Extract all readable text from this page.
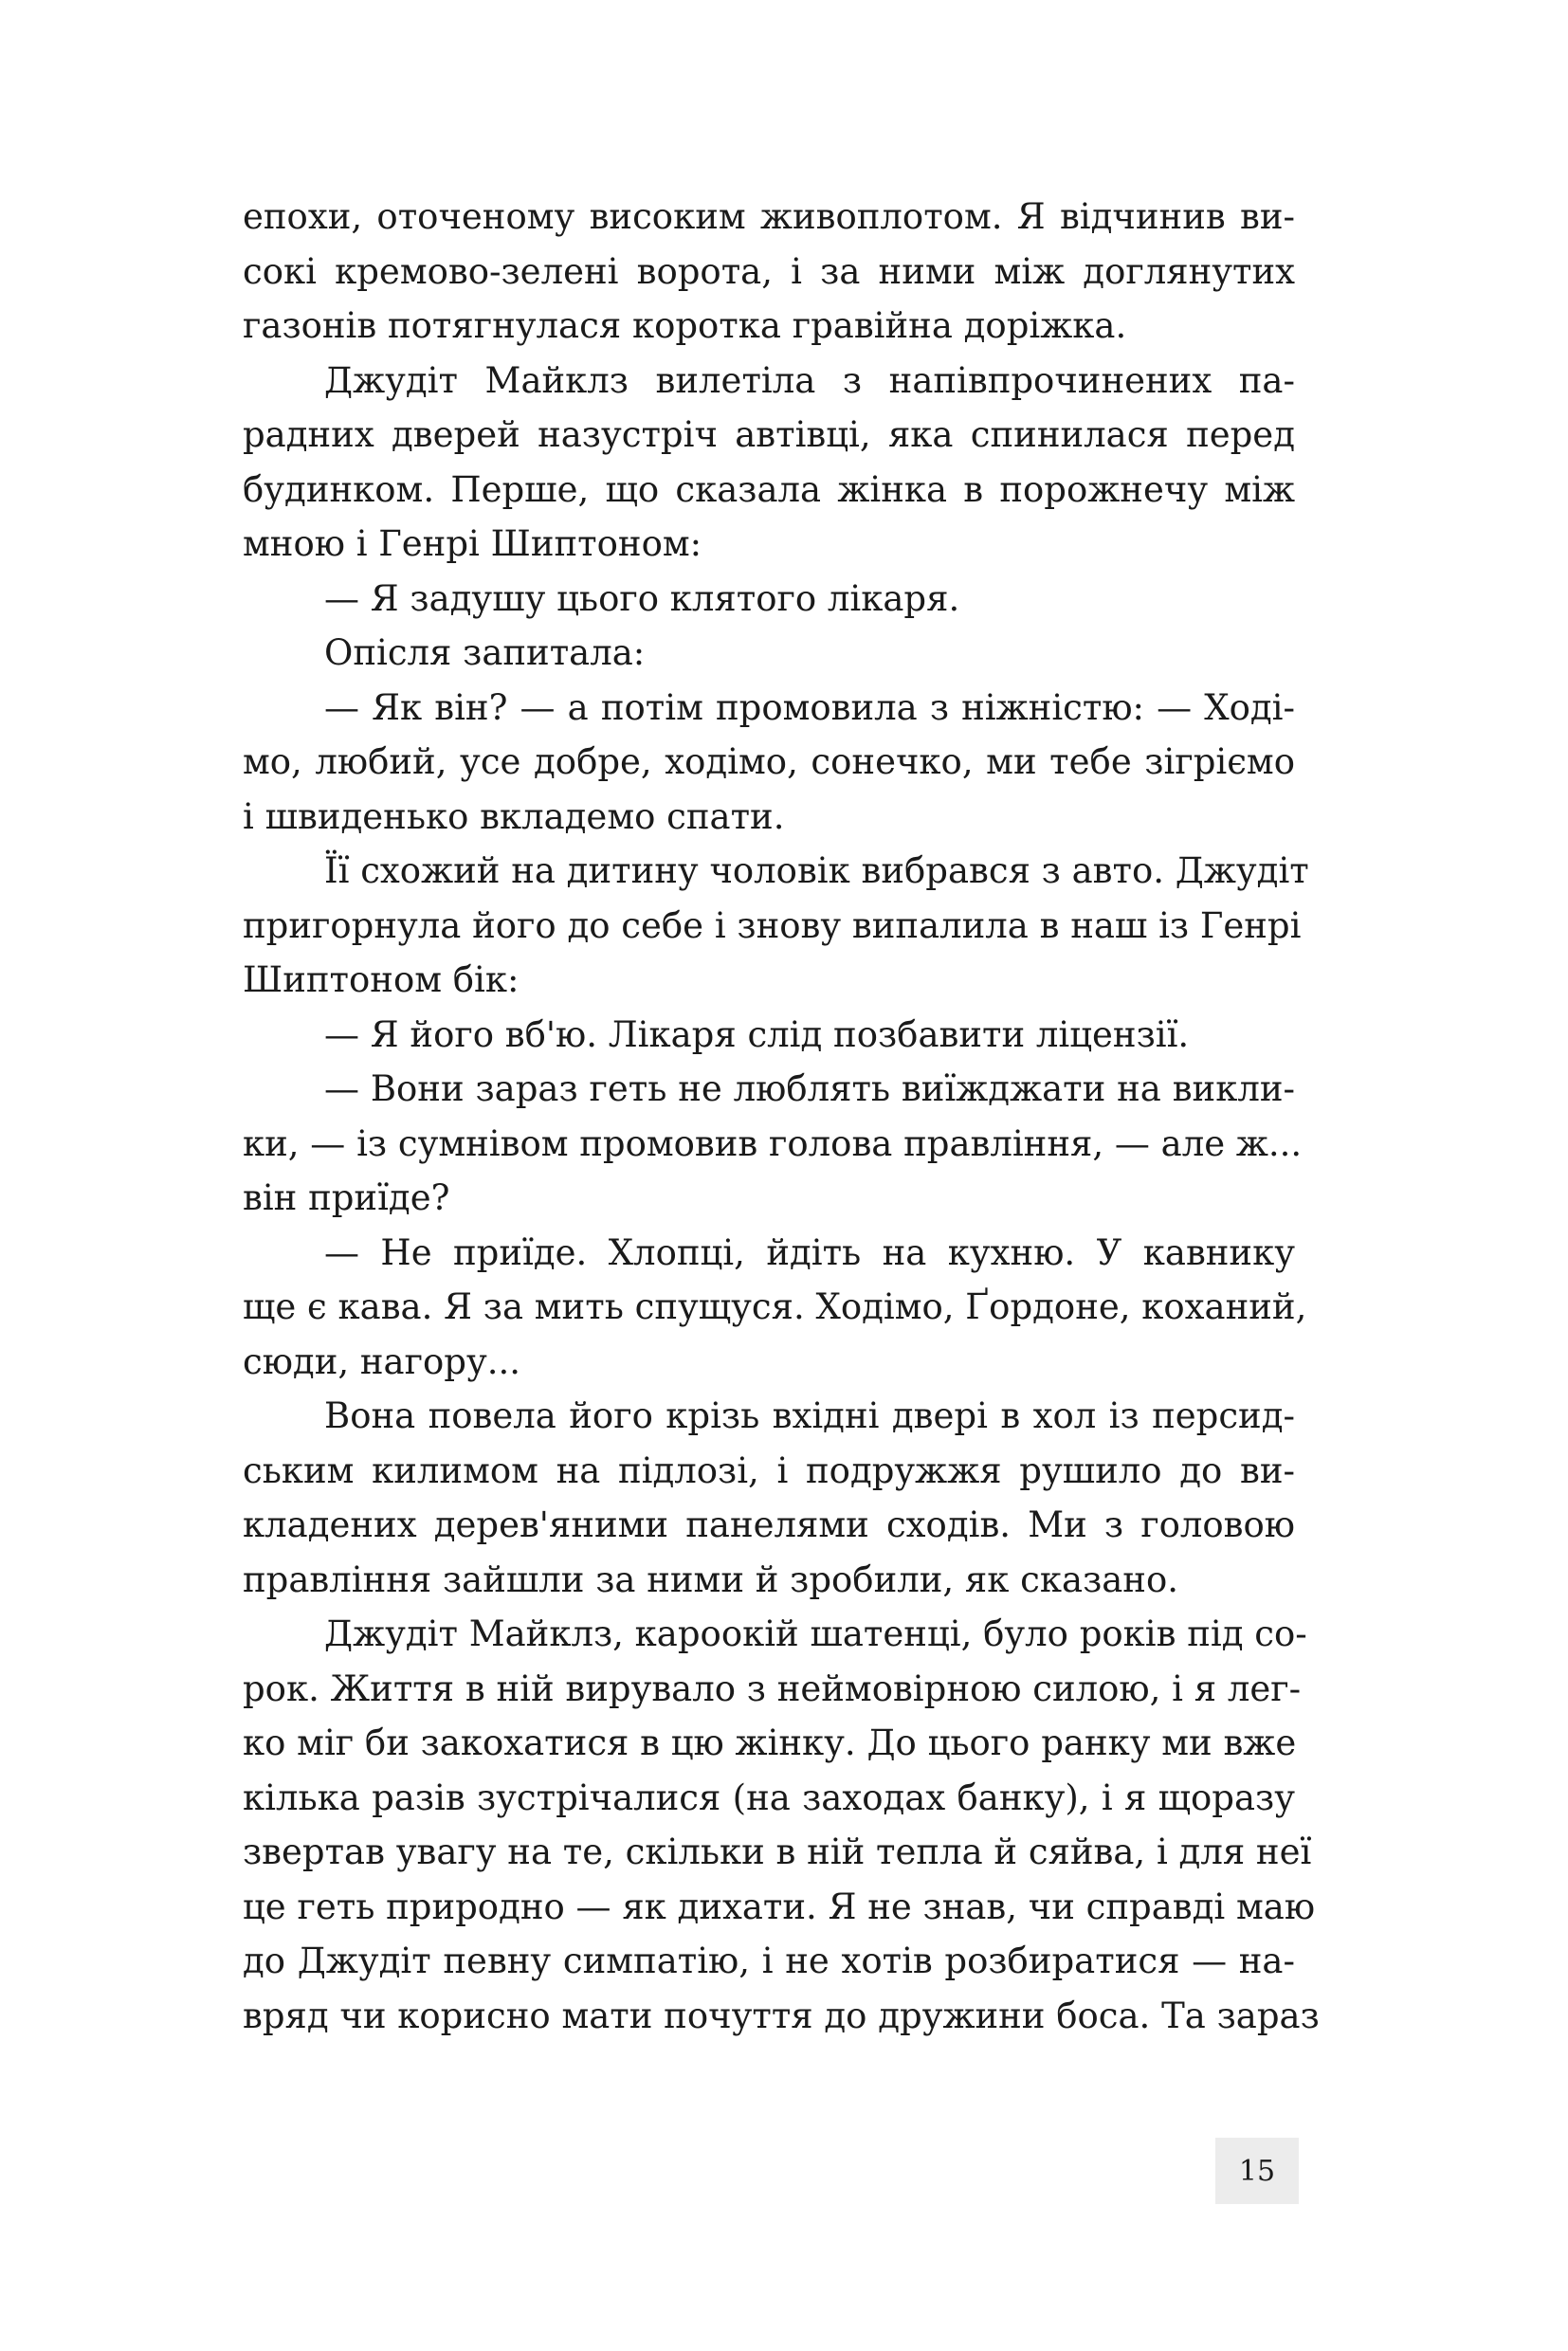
епохи, оточеному високим живоплотом. Я відчинив ви-
сокі кремово-зелені ворота, і за ними між доглянутих
газонів потягнулася коротка гравійна доріжка.
Джудіт Майклз вилетіла з напівпрочинених па-
радних дверей назустріч автівці, яка спинилася перед
будинком. Перше, що сказала жінка в порожнечу між
мною і Генрі Шиптоном:
— Я задушу цього клятого лікаря.
Опісля запитала:
— Як він? — а потім промовила з ніжністю: — Ході-
мо, любий, усе добре, ходімо, сонечко, ми тебе зігріємо
і швиденько вкладемо спати.
Її схожий на дитину чоловік вибрався з авто. Джудіт
пригорнула його до себе і знову випалила в наш із Генрі
Шиптоном бік:
— Я його вб'ю. Лікаря слід позбавити ліцензії.
— Вони зараз геть не люблять виїжджати на викли-
ки, — із сумнівом промовив голова правління, — але ж...
він приїде?
— Не приїде. Хлопці, йдіть на кухню. У кавнику
ще є кава. Я за мить спущуся. Ходімо, Ґордоне, коханий,
сюди, нагору...
Вона повела його крізь вхідні двері в хол із персид-
ським килимом на підлозі, і подружжя рушило до ви-
кладених дерев'яними панелями сходів. Ми з головою
правління зайшли за ними й зробили, як сказано.
Джудіт Майклз, кароокій шатенці, було років під со-
рок. Життя в ній вирувало з неймовірною силою, і я лег-
ко міг би закохатися в цю жінку. До цього ранку ми вже
кілька разів зустрічалися (на заходах банку), і я щоразу
звертав увагу на те, скільки в ній тепла й сяйва, і для неї
це геть природно — як дихати. Я не знав, чи справді маю
до Джудіт певну симпатію, і не хотів розбиратися — на-
вряд чи корисно мати почуття до дружини боса. Та зараз
15
